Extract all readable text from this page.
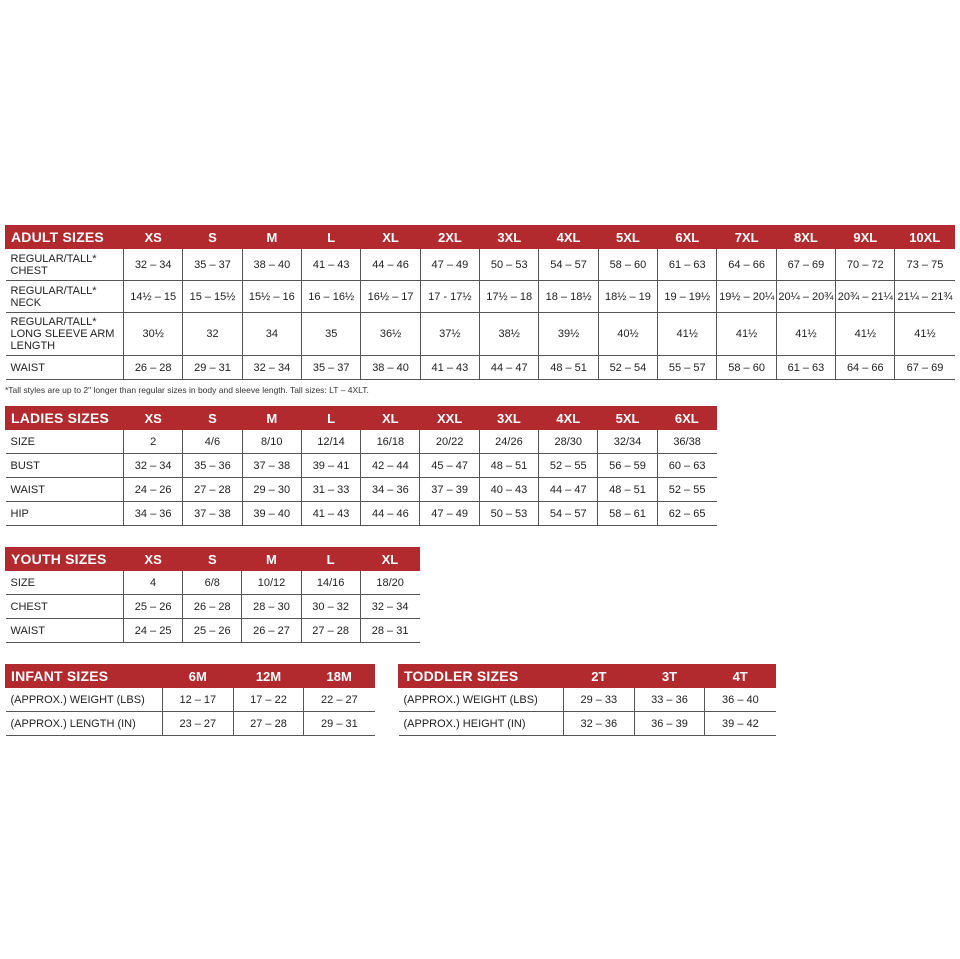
ADULT SIZES	XS	S	M	L	XL	2XL	3XL	4XL	5XL	6XL	7XL	8XL	9XL	10XL
REGULAR/TALL* CHEST	32 – 34	35 – 37	38 – 40	41 – 43	44 – 46	47 – 49	50 – 53	54 – 57	58 – 60	61 – 63	64 – 66	67 – 69	70 – 72	73 – 75
REGULAR/TALL* NECK	14½ – 15	15 – 15½	15½ – 16	16 – 16½	16½ – 17	17 - 17½	17½ – 18	18 – 18½	18½ – 19	19 – 19½	19½ – 20¼	20¼ – 20¾	20¾ – 21¼	21¼ – 21¾
REGULAR/TALL* LONG SLEEVE ARM LENGTH	30½	32	34	35	36½	37½	38½	39½	40½	41½	41½	41½	41½	41½
WAIST	26 – 28	29 – 31	32 – 34	35 – 37	38 – 40	41 – 43	44 – 47	48 – 51	52 – 54	55 – 57	58 – 60	61 – 63	64 – 66	67 – 69
*Tall styles are up to 2" longer than regular sizes in body and sleeve length. Tall sizes: LT – 4XLT.
LADIES SIZES	XS	S	M	L	XL	XXL	3XL	4XL	5XL	6XL
SIZE	2	4/6	8/10	12/14	16/18	20/22	24/26	28/30	32/34	36/38
BUST	32 – 34	35 – 36	37 – 38	39 – 41	42 – 44	45 – 47	48 – 51	52 – 55	56 – 59	60 – 63
WAIST	24 – 26	27 – 28	29 – 30	31 – 33	34 – 36	37 – 39	40 – 43	44 – 47	48 – 51	52 – 55
HIP	34 – 36	37 – 38	39 – 40	41 – 43	44 – 46	47 – 49	50 – 53	54 – 57	58 – 61	62 – 65
YOUTH SIZES	XS	S	M	L	XL
SIZE	4	6/8	10/12	14/16	18/20
CHEST	25 – 26	26 – 28	28 – 30	30 – 32	32 – 34
WAIST	24 – 25	25 – 26	26 – 27	27 – 28	28 – 31
INFANT SIZES	6M	12M	18M
(APPROX.) WEIGHT (LBS)	12 – 17	17 – 22	22 – 27
(APPROX.) LENGTH (IN)	23 – 27	27 – 28	29 – 31
TODDLER SIZES	2T	3T	4T
(APPROX.) WEIGHT (LBS)	29 – 33	33 – 36	36 – 40
(APPROX.) HEIGHT (IN)	32 – 36	36 – 39	39 – 42
